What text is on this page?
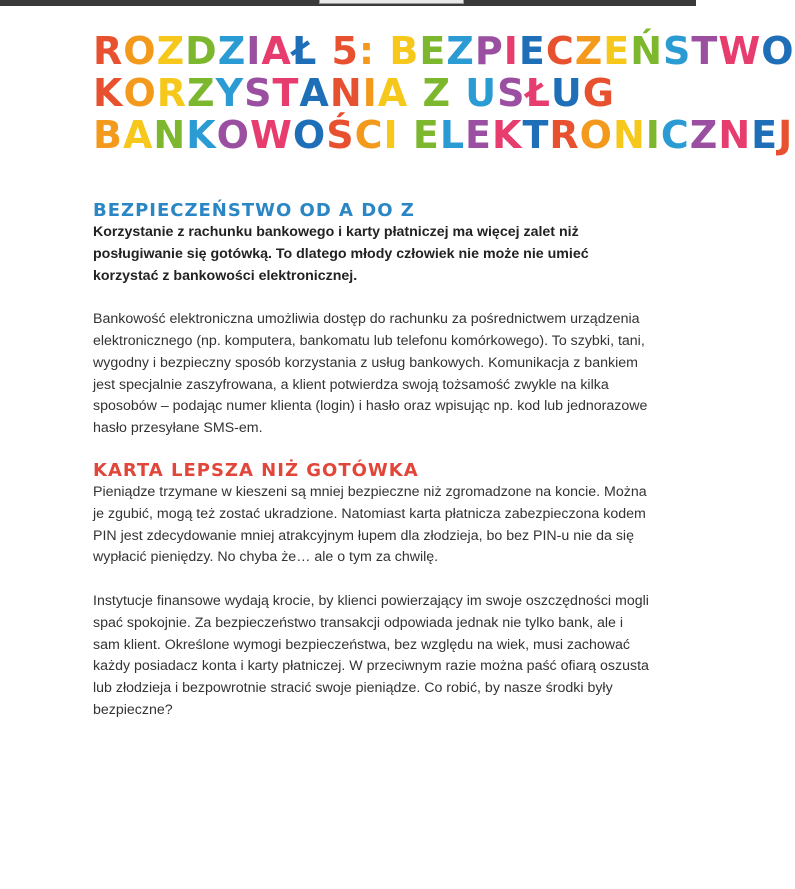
ROZDZIAŁ 5: BEZPIECZEŃSTWO
KORZYSTANIA Z USŁUG
BANKOWOŚCI ELEKTRONICZNEJ
BEZPIECZEŃSTWO OD A DO Z

Korzystanie z rachunku bankowego i karty płatniczej ma więcej zalet niż posługiwanie się gotówką. To dlatego młody człowiek nie może nie umieć korzystać z bankowości elektronicznej.

Bankowość elektroniczna umożliwia dostęp do rachunku za pośrednictwem urządzenia elektronicznego (np. komputera, bankomatu lub telefonu komórkowego). To szybki, tani, wygodny i bezpieczny sposób korzystania z usług bankowych. Komunikacja z bankiem jest specjalnie zaszyfrowana, a klient potwierdza swoją tożsamość zwykle na kilka sposobów – podając numer klienta (login) i hasło oraz wpisując np. kod lub jednorazowe hasło przesyłane SMS-em.

KARTA LEPSZA NIŻ GOTÓWKA

Pieniądze trzymane w kieszeni są mniej bezpieczne niż zgromadzone na koncie. Można je zgubić, mogą też zostać ukradzione. Natomiast karta płatnicza zabezpieczona kodem PIN jest zdecydowanie mniej atrakcyjnym łupem dla złodzieja, bo bez PIN-u nie da się wypłacić pieniędzy. No chyba że… ale o tym za chwilę.

Instytucje finansowe wydają krocie, by klienci powierzający im swoje oszczędności mogli spać spokojnie. Za bezpieczeństwo transakcji odpowiada jednak nie tylko bank, ale i sam klient. Określone wymogi bezpieczeństwa, bez względu na wiek, musi zachować każdy posiadacz konta i karty płatniczej. W przeciwnym razie można paść ofiarą oszusta lub złodzieja i bezpowrotnie stracić swoje pieniądze. Co robić, by nasze środki były bezpieczne?
